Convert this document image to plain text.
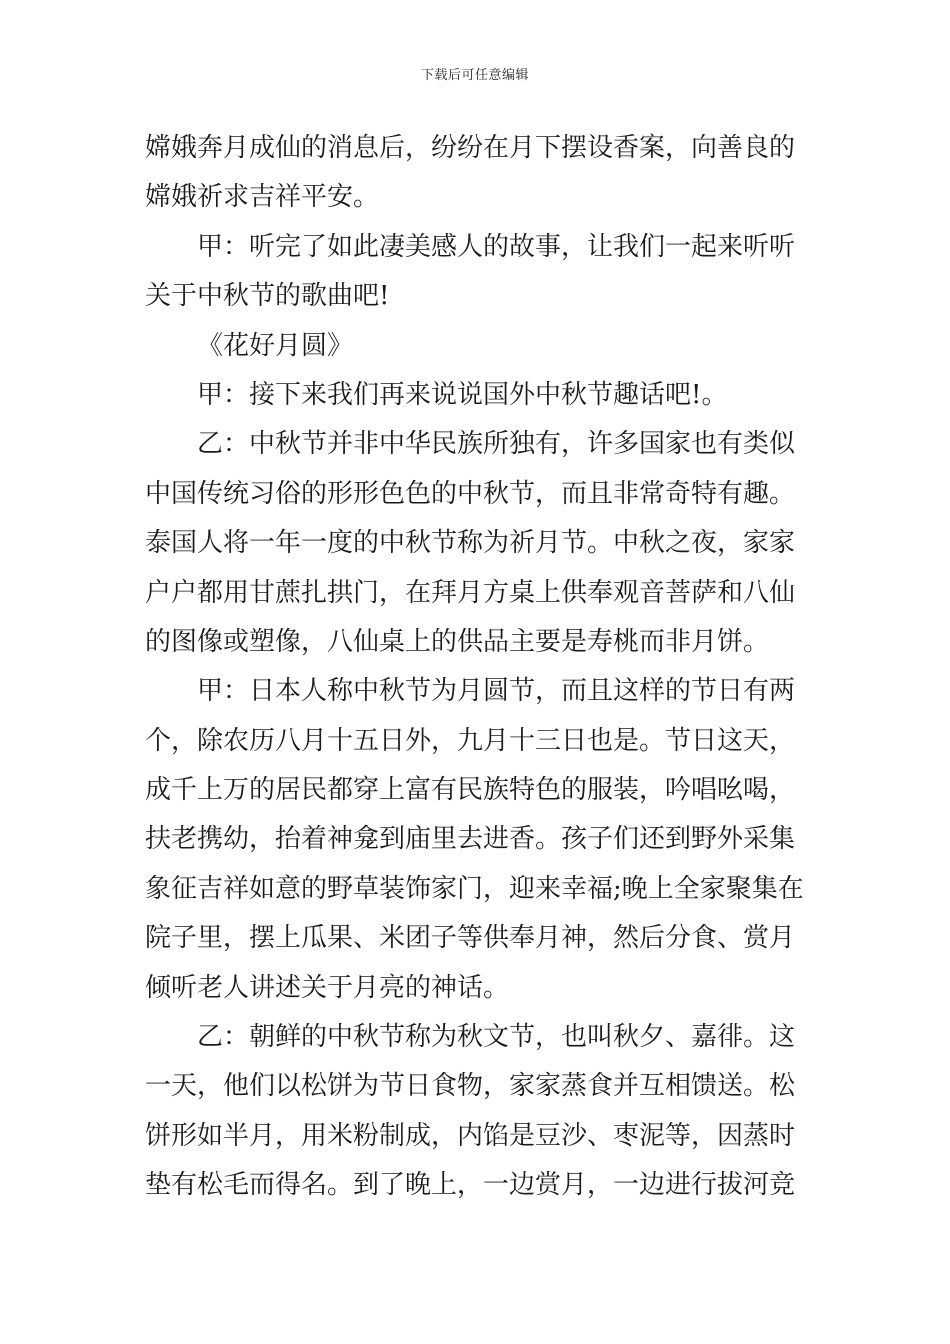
下载后可任意编辑
嫦娥奔月成仙的消息后，纷纷在月下摆设香案，向善良的
嫦娥祈求吉祥平安。
甲：听完了如此凄美感人的故事，让我们一起来听听
关于中秋节的歌曲吧!
《花好月圆》
甲：接下来我们再来说说国外中秋节趣话吧!。
乙：中秋节并非中华民族所独有，许多国家也有类似
中国传统习俗的形形色色的中秋节，而且非常奇特有趣。
泰国人将一年一度的中秋节称为祈月节。中秋之夜，家家
户户都用甘蔗扎拱门，在拜月方桌上供奉观音菩萨和八仙
的图像或塑像，八仙桌上的供品主要是寿桃而非月饼。
甲：日本人称中秋节为月圆节，而且这样的节日有两
个，除农历八月十五日外，九月十三日也是。节日这天，
成千上万的居民都穿上富有民族特色的服装，吟唱吆喝，
扶老携幼，抬着神龛到庙里去进香。孩子们还到野外采集
象征吉祥如意的野草装饰家门，迎来幸福;晚上全家聚集在
院子里，摆上瓜果、米团子等供奉月神，然后分食、赏月
倾听老人讲述关于月亮的神话。
乙：朝鲜的中秋节称为秋文节，也叫秋夕、嘉徘。这
一天，他们以松饼为节日食物，家家蒸食并互相馈送。松
饼形如半月，用米粉制成，内馅是豆沙、枣泥等，因蒸时
垫有松毛而得名。到了晚上，一边赏月，一边进行拔河竞
